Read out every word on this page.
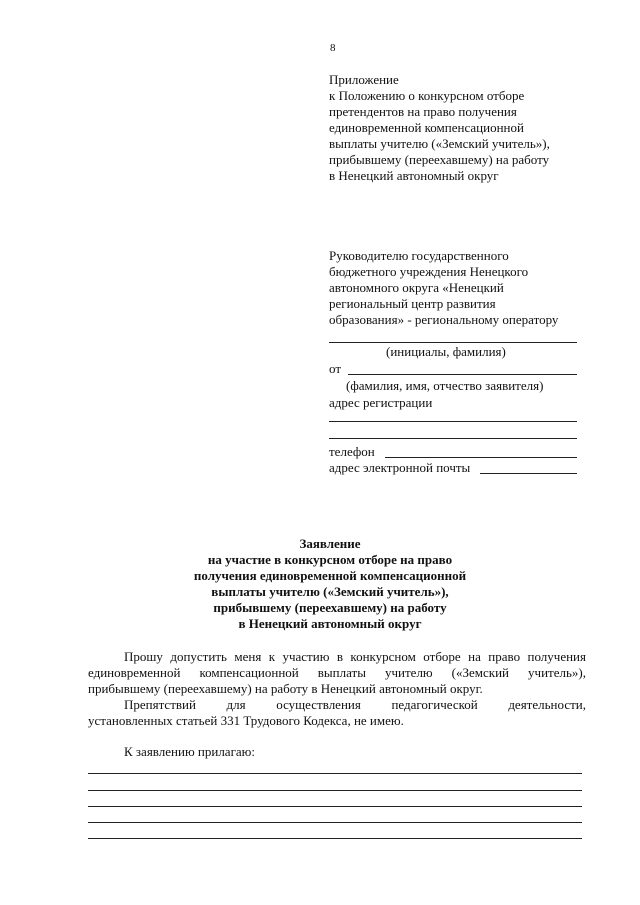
8
Приложение
к Положению о конкурсном отборе
претендентов на право получения
единовременной компенсационной
выплаты учителю («Земский учитель»),
прибывшему (переехавшему) на работу
в Ненецкий автономный округ
Руководителю государственного
бюджетного учреждения Ненецкого
автономного округа «Ненецкий
региональный центр развития
образования» - региональному оператору
(инициалы, фамилия)
от
(фамилия, имя, отчество заявителя)
адрес регистрации
телефон
адрес электронной почты
Заявление
на участие в конкурсном отборе на право
получения единовременной компенсационной
выплаты учителю («Земский учитель»),
прибывшему (переехавшему) на работу
в Ненецкий автономный округ
Прошу допустить меня к участию в конкурсном отборе на право получения
единовременной компенсационной выплаты учителю («Земский учитель»),
прибывшему (переехавшему) на работу в Ненецкий автономный округ.
Препятствий для осуществления педагогической деятельности,
установленных статьей 331 Трудового Кодекса, не имею.
К заявлению прилагаю:
